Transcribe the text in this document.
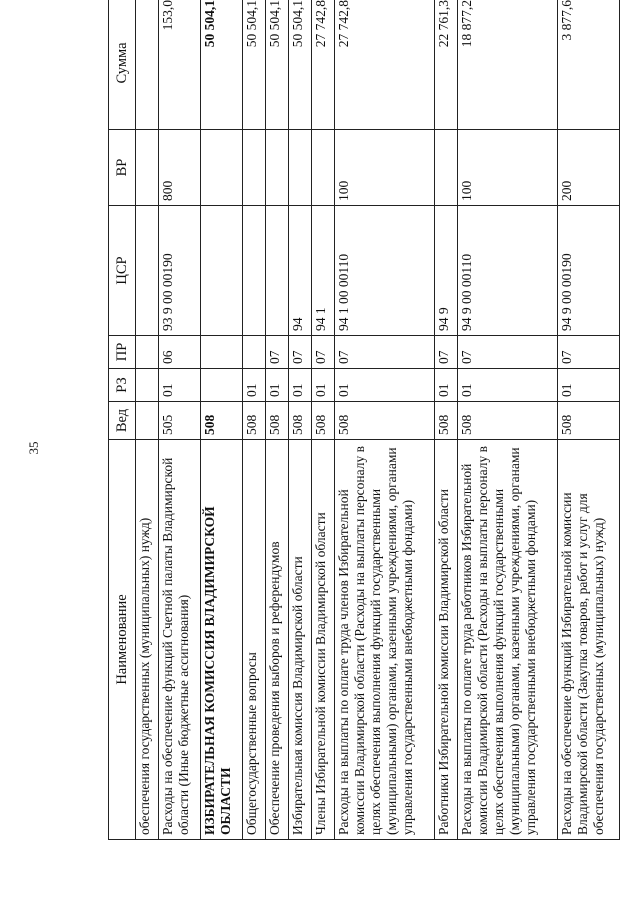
35
Наименование	Вед	РЗ	ПР	ЦСР	ВР	Сумма
обеспечения государственных (муниципальных) нужд)						
Расходы на обеспечение функций Счетной палаты Владимирской области (Иные бюджетные ассигнования)	505	01	06	93 9 00 00190	800	153,0
ИЗБИРАТЕЛЬНАЯ КОМИССИЯ ВЛАДИМИРСКОЙ ОБЛАСТИ	508					50 504,1
Общегосударственные вопросы	508	01				50 504,1
Обеспечение проведения выборов и референдумов	508	01	07			50 504,1
Избирательная комиссия Владимирской области	508	01	07	94		50 504,1
Члены Избирательной комиссии Владимирской области	508	01	07	94 1		27 742,8
Расходы на выплаты по оплате труда членов Избирательной комиссии Владимирской области (Расходы на выплаты персоналу в целях обеспечения выполнения функций государственными (муниципальными) органами, казенными учреждениями, органами управления государственными внебюджетными фондами)	508	01	07	94 1 00 00110	100	27 742,8
Работники Избирательной комиссии Владимирской области	508	01	07	94 9		22 761,3
Расходы на выплаты по оплате труда работников Избирательной комиссии Владимирской области (Расходы на выплаты персоналу в целях обеспечения выполнения функций государственными (муниципальными) органами, казенными учреждениями, органами управления государственными внебюджетными фондами)	508	01	07	94 9 00 00110	100	18 877,2
Расходы на обеспечение функций Избирательной комиссии Владимирской области (Закупка товаров, работ и услуг для обеспечения государственных (муниципальных) нужд)	508	01	07	94 9 00 00190	200	3 877,6
